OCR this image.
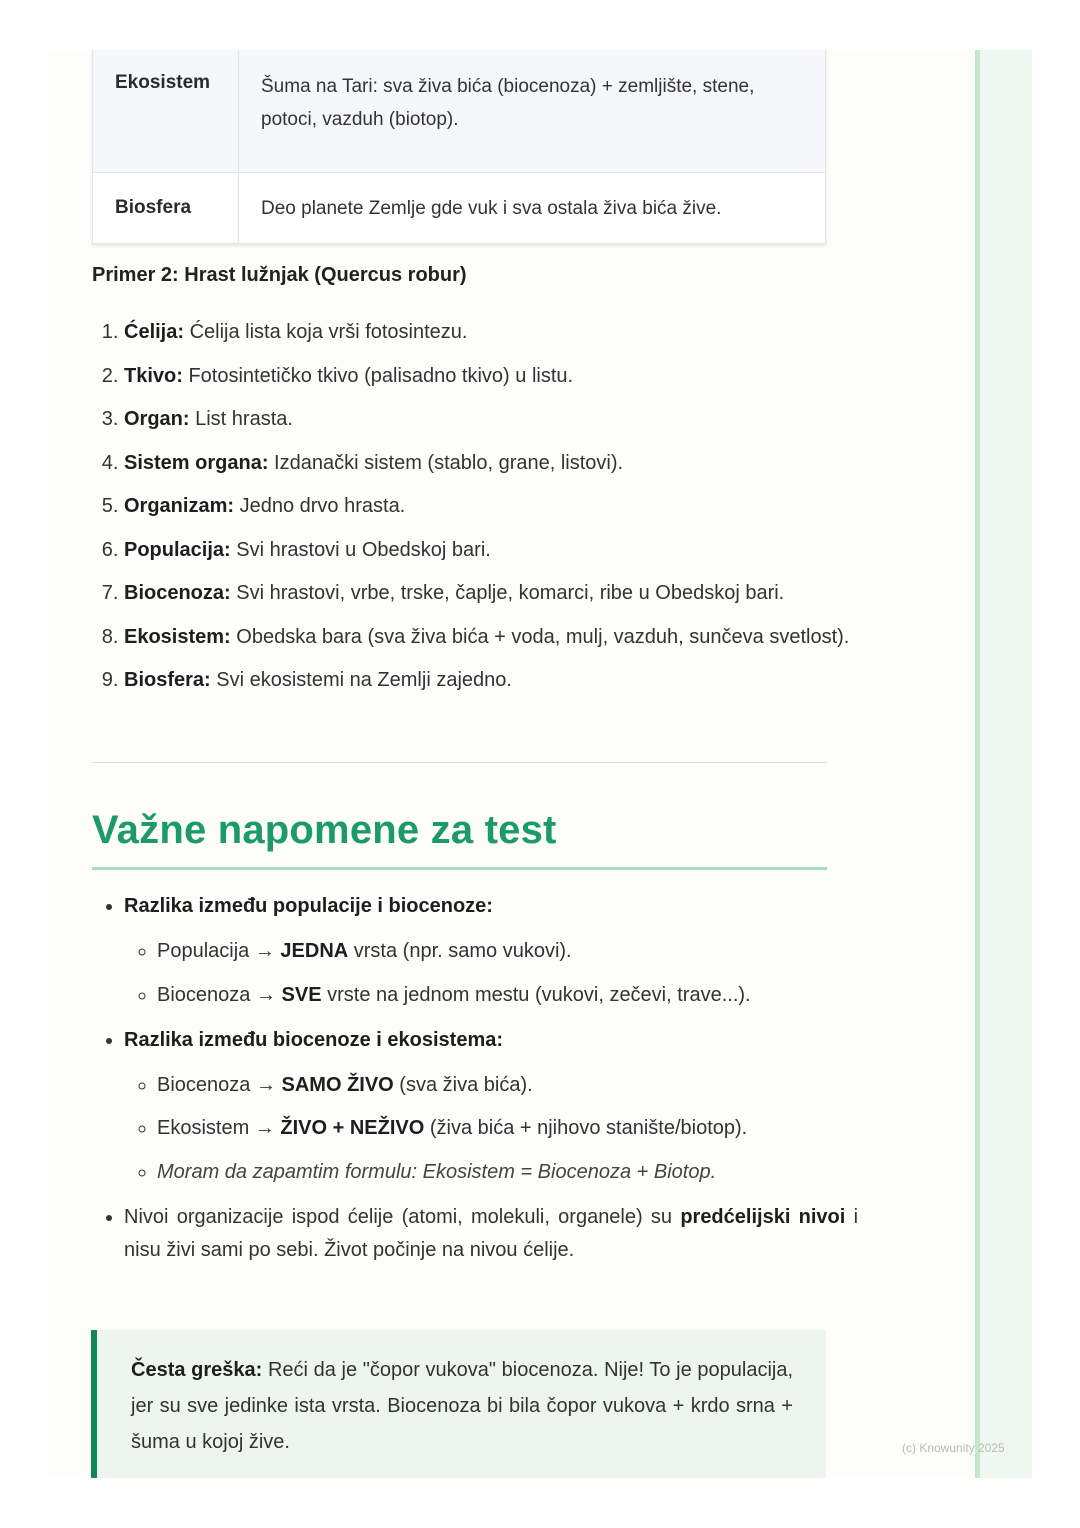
Ekosistem	Šuma na Tari: sva živa bića (biocenoza) + zemljište, stene, potoci, vazduh (biotop).
Biosfera	Deo planete Zemlje gde vuk i sva ostala živa bića žive.
Primer 2: Hrast lužnjak (Quercus robur)
1. Ćelija: Ćelija lista koja vrši fotosintezu.
2. Tkivo: Fotosintetičko tkivo (palisadno tkivo) u listu.
3. Organ: List hrasta.
4. Sistem organa: Izdanački sistem (stablo, grane, listovi).
5. Organizam: Jedno drvo hrasta.
6. Populacija: Svi hrastovi u Obedskoj bari.
7. Biocenoza: Svi hrastovi, vrbe, trske, čaplje, komarci, ribe u Obedskoj bari.
8. Ekosistem: Obedska bara (sva živa bića + voda, mulj, vazduh, sunčeva svetlost).
9. Biosfera: Svi ekosistemi na Zemlji zajedno.
Važne napomene za test
• Razlika između populacije i biocenoze:
◦ Populacija → JEDNA vrsta (npr. samo vukovi).
◦ Biocenoza → SVE vrste na jednom mestu (vukovi, zečevi, trave...).
• Razlika između biocenoze i ekosistema:
◦ Biocenoza → SAMO ŽIVO (sva živa bića).
◦ Ekosistem → ŽIVO + NEŽIVO (živa bića + njihovo stanište/biotop).
◦ Moram da zapamtim formulu: Ekosistem = Biocenoza + Biotop.
• Nivoi organizacije ispod ćelije (atomi, molekuli, organele) su predćelijski nivoi i nisu živi sami po sebi. Život počinje na nivou ćelije.
Česta greška: Reći da je "čopor vukova" biocenoza. Nije! To je populacija, jer su sve jedinke ista vrsta. Biocenoza bi bila čopor vukova + krdo srna + šuma u kojoj žive.	(c) Knowunity 2025
